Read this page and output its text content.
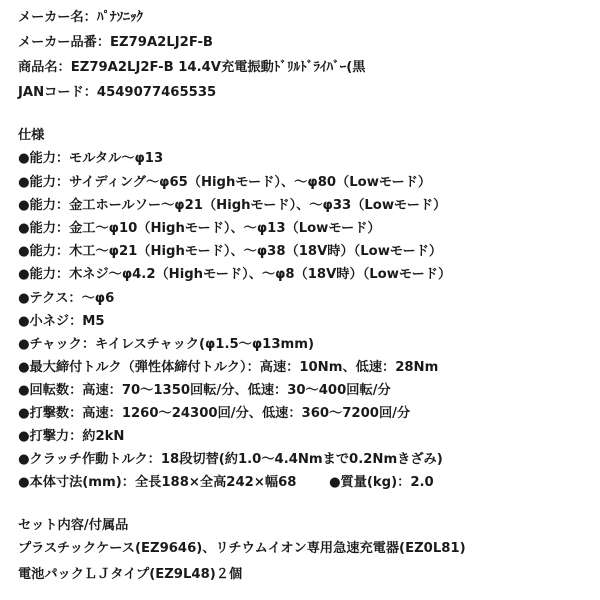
メーカー名：ﾊﾟﾅｿﾆｯｸ
メーカー品番：EZ79A2LJ2F-B
商品名：EZ79A2LJ2F-B 14.4V充電振動ﾄﾞﾘﾙﾄﾞﾗｲﾊﾞｰ(黒
JANコード：4549077465535
仕様
●能力：モルタル～φ13
●能力：サイディング～φ65（Highモード）、～φ80（Lowモード）
●能力：金工ホールソー～φ21（Highモード）、～φ33（Lowモード）
●能力：金工～φ10（Highモード）、～φ13（Lowモード）
●能力：木工～φ21（Highモード）、～φ38（18V時）（Lowモード）
●能力：木ネジ～φ4.2（Highモード）、～φ8（18V時）（Lowモード）
●テクス：～φ6
●小ネジ：M5
●チャック：キイレスチャック(φ1.5～φ13mm)
●最大締付トルク（弾性体締付トルク）：高速：10Nm、低速：28Nm
●回転数：高速：70～1350回転/分、低速：30～400回転/分
●打撃数：高速：1260～24300回/分、低速：360～7200回/分
●打撃力：約2kN
●クラッチ作動トルク：18段切替(約1.0～4.4Nmまで0.2Nmきざみ)
●本体寸法(mm)：全長188×全高242×幅68 ●質量(kg)：2.0
セット内容/付属品
プラスチックケース(EZ9646)、リチウムイオン専用急速充電器(EZ0L81)
電池パックＬＪタイプ(EZ9L48)２個
